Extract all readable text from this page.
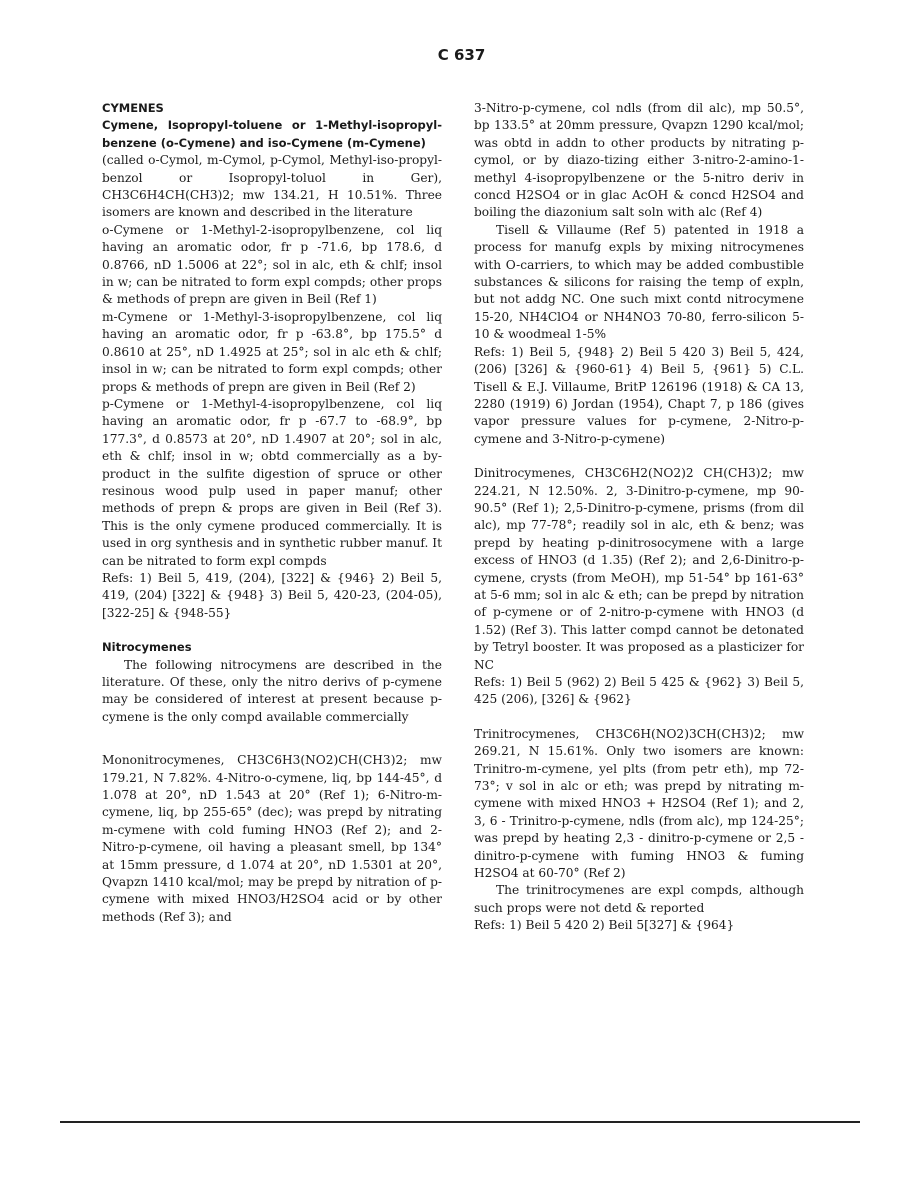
C 637

CYMENES

Cymene, Isopropyl-toluene or 1-Methyl-isopropyl-benzene (o-Cymene) and iso-Cymene (m-Cymene)

(called o-Cymol, m-Cymol, p-Cymol, Methyl-iso-propyl-benzol or Isopropyl-toluol in Ger), CH3C6H4CH(CH3)2; mw 134.21, H 10.51%. Three isomers are known and described in the literature

o-Cymene or 1-Methyl-2-isopropylbenzene, col liq having an aromatic odor, fr p -71.6, bp 178.6, d 0.8766, nD 1.5006 at 22°; sol in alc, eth & chlf; insol in w; can be nitrated to form expl compds; other props & methods of prepn are given in Beil (Ref 1)

m-Cymene or 1-Methyl-3-isopropylbenzene, col liq having an aromatic odor, fr p -63.8°, bp 175.5° d 0.8610 at 25°, nD 1.4925 at 25°; sol in alc eth & chlf; insol in w; can be nitrated to form expl compds; other props & methods of prepn are given in Beil (Ref 2)

p-Cymene or 1-Methyl-4-isopropylbenzene, col liq having an aromatic odor, fr p -67.7 to -68.9°, bp 177.3°, d 0.8573 at 20°, nD 1.4907 at 20°; sol in alc, eth & chlf; insol in w; obtd commercially as a by-product in the sulfite digestion of spruce or other resinous wood pulp used in paper manuf; other methods of prepn & props are given in Beil (Ref 3). This is the only cymene produced commercially. It is used in org synthesis and in synthetic rubber manuf. It can be nitrated to form expl compds

Refs: 1) Beil 5, 419, (204), [322] & {946} 2) Beil 5, 419, (204) [322] & {948} 3) Beil 5, 420-23, (204-05), [322-25] & {948-55}

Nitrocymenes

The following nitrocymens are described in the literature. Of these, only the nitro derivs of p-cymene may be considered of interest at present because p-cymene is the only compd available commercially

Mononitrocymenes, CH3C6H3(NO2)CH(CH3)2; mw 179.21, N 7.82%. 4-Nitro-o-cymene, liq, bp 144-45°, d 1.078 at 20°, nD 1.543 at 20° (Ref 1); 6-Nitro-m-cymene, liq, bp 255-65° (dec); was prepd by nitrating m-cymene with cold fuming HNO3 (Ref 2); and 2-Nitro-p-cymene, oil having a pleasant smell, bp 134° at 15mm pressure, d 1.074 at 20°, nD 1.5301 at 20°, Qvapzn 1410 kcal/mol; may be prepd by nitration of p-cymene with mixed HNO3/H2SO4 acid or by other methods (Ref 3); and

3-Nitro-p-cymene, col ndls (from dil alc), mp 50.5°, bp 133.5° at 20mm pressure, Qvapzn 1290 kcal/mol; was obtd in addn to other products by nitrating p-cymol, or by diazo-tizing either 3-nitro-2-amino-1-methyl 4-isopropylbenzene or the 5-nitro deriv in concd H2SO4 or in glac AcOH & concd H2SO4 and boiling the diazonium salt soln with alc (Ref 4)

Tisell & Villaume (Ref 5) patented in 1918 a process for manufg expls by mixing nitrocymenes with O-carriers, to which may be added combustible substances & silicons for raising the temp of expln, but not addg NC. One such mixt contd nitrocymene 15-20, NH4ClO4 or NH4NO3 70-80, ferro-silicon 5-10 & woodmeal 1-5%

Refs: 1) Beil 5, {948} 2) Beil 5 420 3) Beil 5, 424, (206) [326] & {960-61} 4) Beil 5, {961} 5) C.L. Tisell & E.J. Villaume, BritP 126196 (1918) & CA 13, 2280 (1919) 6) Jordan (1954), Chapt 7, p 186 (gives vapor pressure values for p-cymene, 2-Nitro-p-cymene and 3-Nitro-p-cymene)

Dinitrocymenes, CH3C6H2(NO2)2 CH(CH3)2; mw 224.21, N 12.50%. 2, 3-Dinitro-p-cymene, mp 90-90.5° (Ref 1); 2,5-Dinitro-p-cymene, prisms (from dil alc), mp 77-78°; readily sol in alc, eth & benz; was prepd by heating p-dinitrosocymene with a large excess of HNO3 (d 1.35) (Ref 2); and 2,6-Dinitro-p-cymene, crysts (from MeOH), mp 51-54° bp 161-63° at 5-6 mm; sol in alc & eth; can be prepd by nitration of p-cymene or of 2-nitro-p-cymene with HNO3 (d 1.52) (Ref 3). This latter compd cannot be detonated by Tetryl booster. It was proposed as a plasticizer for NC

Refs: 1) Beil 5 (962) 2) Beil 5 425 & {962} 3) Beil 5, 425 (206), [326] & {962}

Trinitrocymenes, CH3C6H(NO2)3CH(CH3)2; mw 269.21, N 15.61%. Only two isomers are known: Trinitro-m-cymene, yel plts (from petr eth), mp 72-73°; v sol in alc or eth; was prepd by nitrating m-cymene with mixed HNO3 + H2SO4 (Ref 1); and 2, 3, 6 - Trinitro-p-cymene, ndls (from alc), mp 124-25°; was prepd by heating 2,3 - dinitro-p-cymene or 2,5 - dinitro-p-cymene with fuming HNO3 & fuming H2SO4 at 60-70° (Ref 2)

The trinitrocymenes are expl compds, although such props were not detd & reported

Refs: 1) Beil 5 420 2) Beil 5[327] & {964}
